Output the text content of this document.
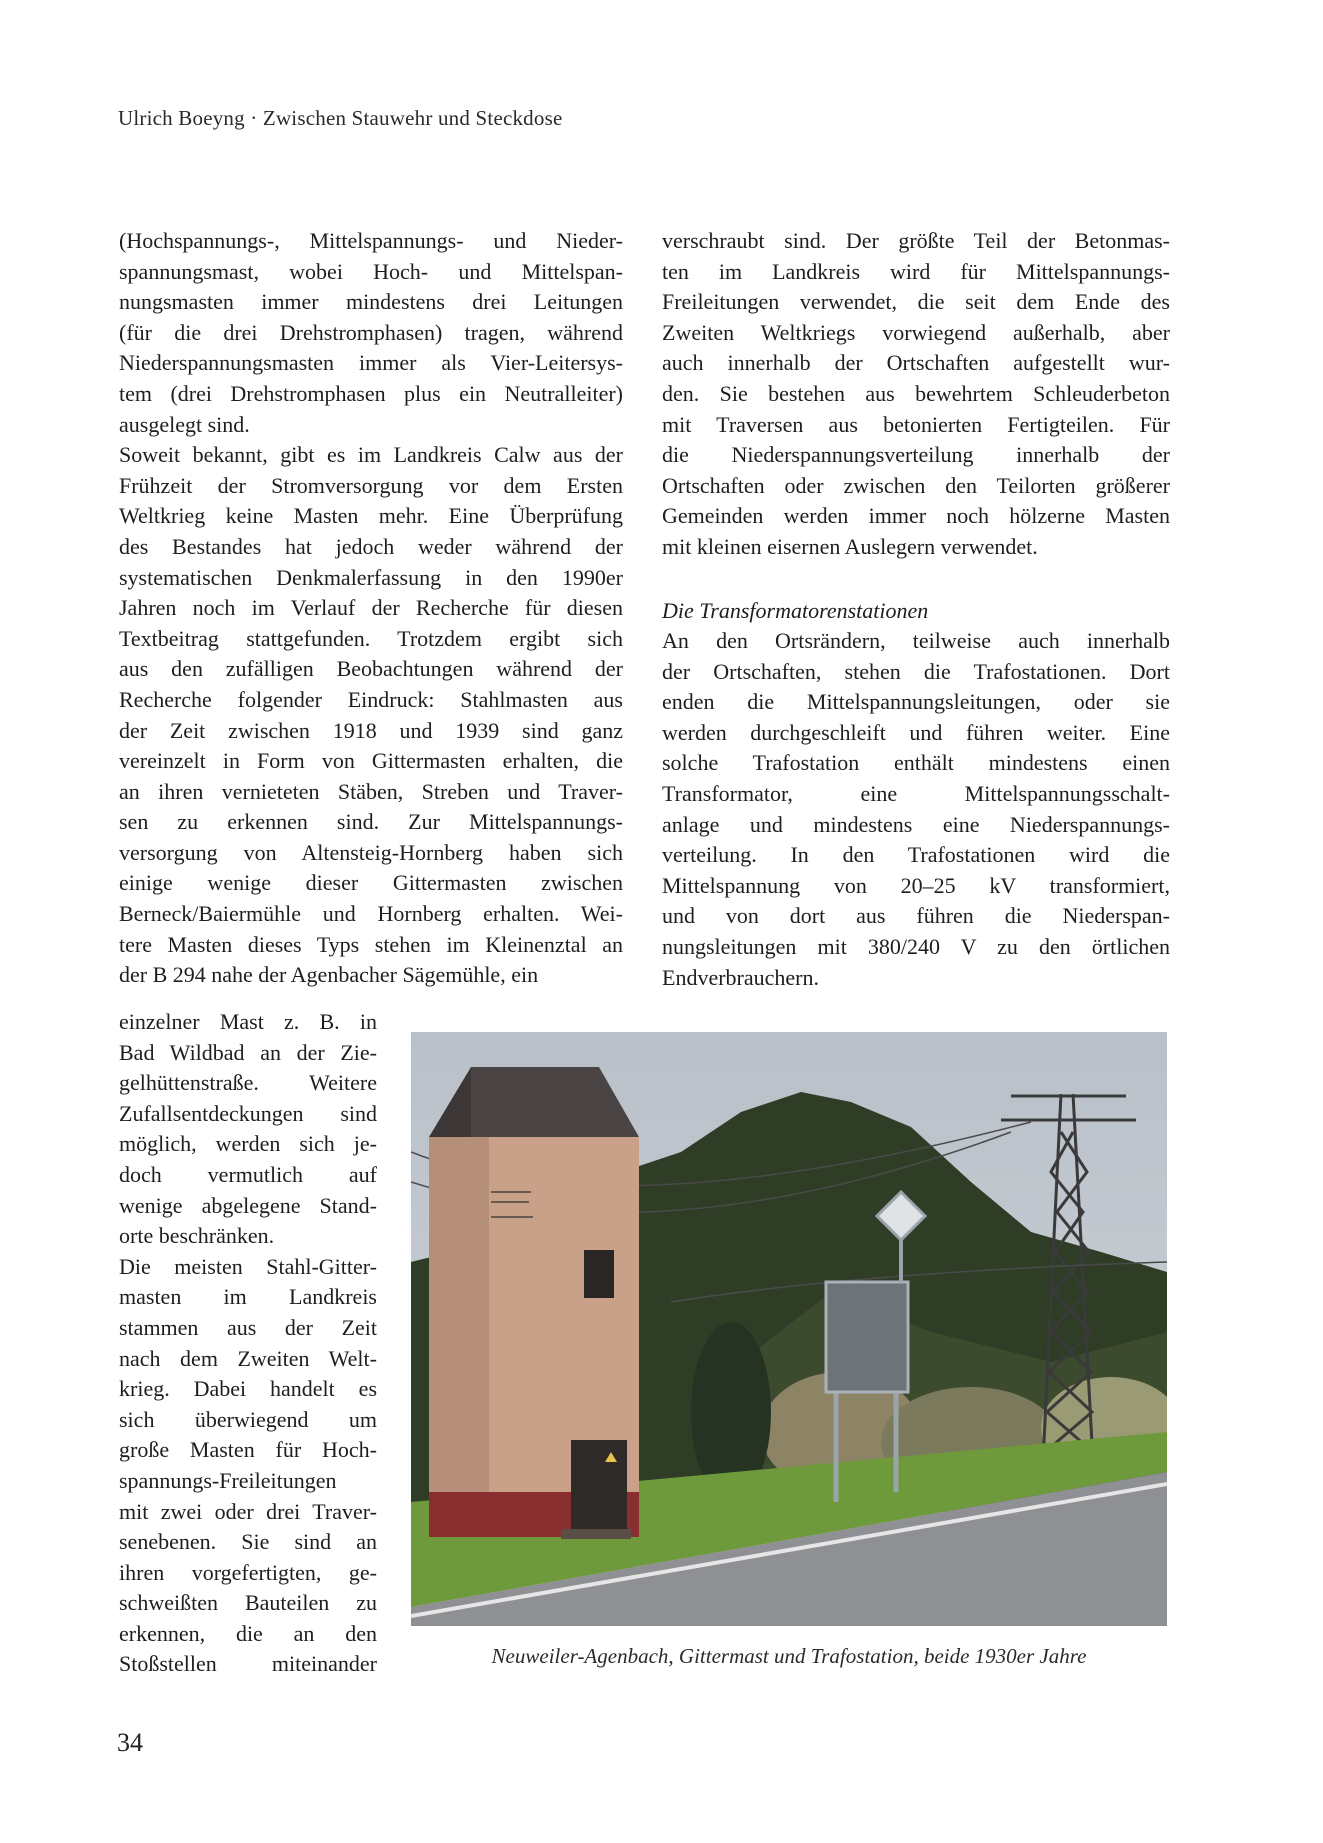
Ulrich Boeyng · Zwischen Stauwehr und Steckdose
(Hochspannungs-, Mittelspannungs- und Nieder-
spannungsmast, wobei Hoch- und Mittelspan-
nungsmasten immer mindestens drei Leitungen
(für die drei Drehstromphasen) tragen, während
Niederspannungsmasten immer als Vier-Leitersys-
tem (drei Drehstromphasen plus ein Neutralleiter)
ausgelegt sind.
Soweit bekannt, gibt es im Landkreis Calw aus der
Frühzeit der Stromversorgung vor dem Ersten
Weltkrieg keine Masten mehr. Eine Überprüfung
des Bestandes hat jedoch weder während der
systematischen Denkmalerfassung in den 1990er
Jahren noch im Verlauf der Recherche für diesen
Textbeitrag stattgefunden. Trotzdem ergibt sich
aus den zufälligen Beobachtungen während der
Recherche folgender Eindruck: Stahlmasten aus
der Zeit zwischen 1918 und 1939 sind ganz
vereinzelt in Form von Gittermasten erhalten, die
an ihren vernieteten Stäben, Streben und Traver-
sen zu erkennen sind. Zur Mittelspannungs-
versorgung von Altensteig-Hornberg haben sich
einige wenige dieser Gittermasten zwischen
Berneck/Baiermühle und Hornberg erhalten. Wei-
tere Masten dieses Typs stehen im Kleinenztal an
der B 294 nahe der Agenbacher Sägemühle, ein
einzelner Mast z. B. in
Bad Wildbad an der Zie-
gelhüttenstraße. Weitere
Zufallsentdeckungen sind
möglich, werden sich je-
doch vermutlich auf
wenige abgelegene Stand-
orte beschränken.
Die meisten Stahl-Gitter-
masten im Landkreis
stammen aus der Zeit
nach dem Zweiten Welt-
krieg. Dabei handelt es
sich überwiegend um
große Masten für Hoch-
spannungs-Freileitungen
mit zwei oder drei Traver-
senebenen. Sie sind an
ihren vorgefertigten, ge-
schweißten Bauteilen zu
erkennen, die an den
Stoßstellen miteinander
verschraubt sind. Der größte Teil der Betonmas-
ten im Landkreis wird für Mittelspannungs-
Freileitungen verwendet, die seit dem Ende des
Zweiten Weltkriegs vorwiegend außerhalb, aber
auch innerhalb der Ortschaften aufgestellt wur-
den. Sie bestehen aus bewehrtem Schleuderbeton
mit Traversen aus betonierten Fertigteilen. Für
die Niederspannungsverteilung innerhalb der
Ortschaften oder zwischen den Teilorten größerer
Gemeinden werden immer noch hölzerne Masten
mit kleinen eisernen Auslegern verwendet.
Die Transformatorenstationen
An den Ortsrändern, teilweise auch innerhalb
der Ortschaften, stehen die Trafostationen. Dort
enden die Mittelspannungsleitungen, oder sie
werden durchgeschleift und führen weiter. Eine
solche Trafostation enthält mindestens einen
Transformator, eine Mittelspannungsschalt-
anlage und mindestens eine Niederspannungs-
verteilung. In den Trafostationen wird die
Mittelspannung von 20–25 kV transformiert,
und von dort aus führen die Niederspan-
nungsleitungen mit 380/240 V zu den örtlichen
Endverbrauchern.
Neuweiler-Agenbach, Gittermast und Trafostation, beide 1930er Jahre
34
